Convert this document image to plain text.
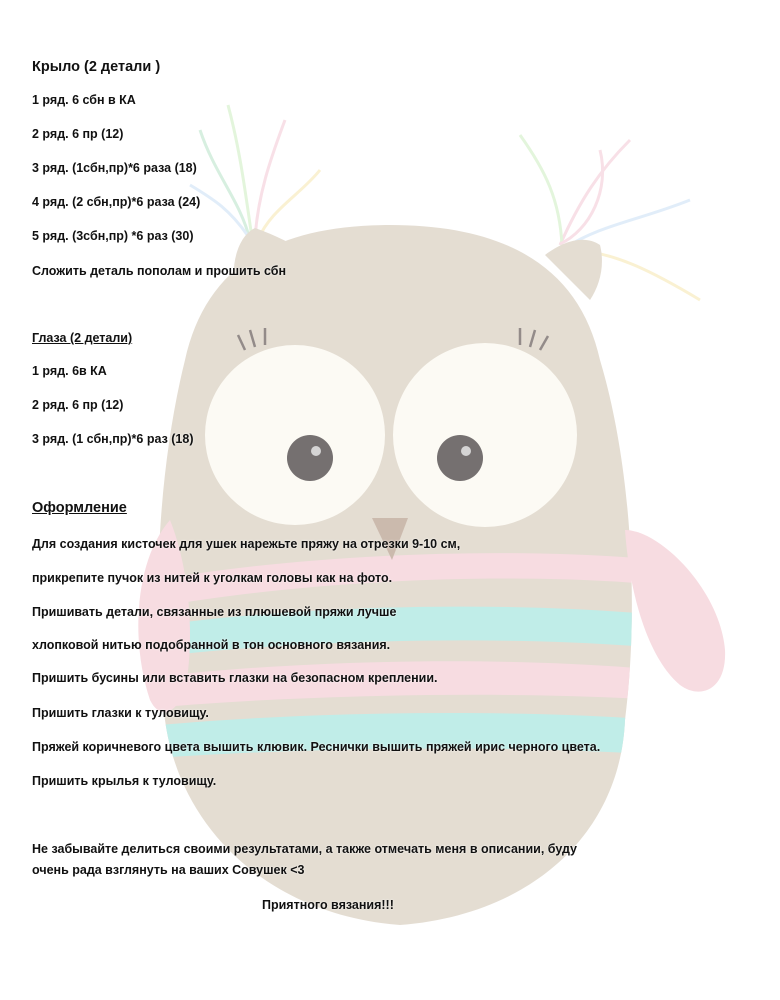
Крыло (2 детали )

1 ряд. 6 сбн в КА

2 ряд. 6 пр (12)

3 ряд. (1сбн,пр)*6 раза (18)

4 ряд. (2 сбн,пр)*6 раза (24)

5 ряд. (3сбн,пр) *6 раз (30)

Сложить деталь пополам и прошить сбн

Глаза (2 детали)

1 ряд. 6в КА

2 ряд. 6 пр (12)

3 ряд. (1 сбн,пр)*6 раз (18)

Оформление

Для создания кисточек для ушек нарежьте пряжу на отрезки 9-10 см,

прикрепите пучок из нитей к уголкам головы как на фото.

Пришивать детали, связанные из плюшевой пряжи лучше

хлопковой нитью подобранной в тон основного вязания.

Пришить бусины или вставить глазки на безопасном креплении.

Пришить глазки к туловищу.

Пряжей коричневого цвета вышить клювик. Реснички вышить пряжей ирис черного цвета.

Пришить крылья к туловищу.

Не забывайте делиться своими результатами, а также отмечать меня в описании, буду

очень рада взглянуть на ваших Совушек <3

Приятного вязания!!!
